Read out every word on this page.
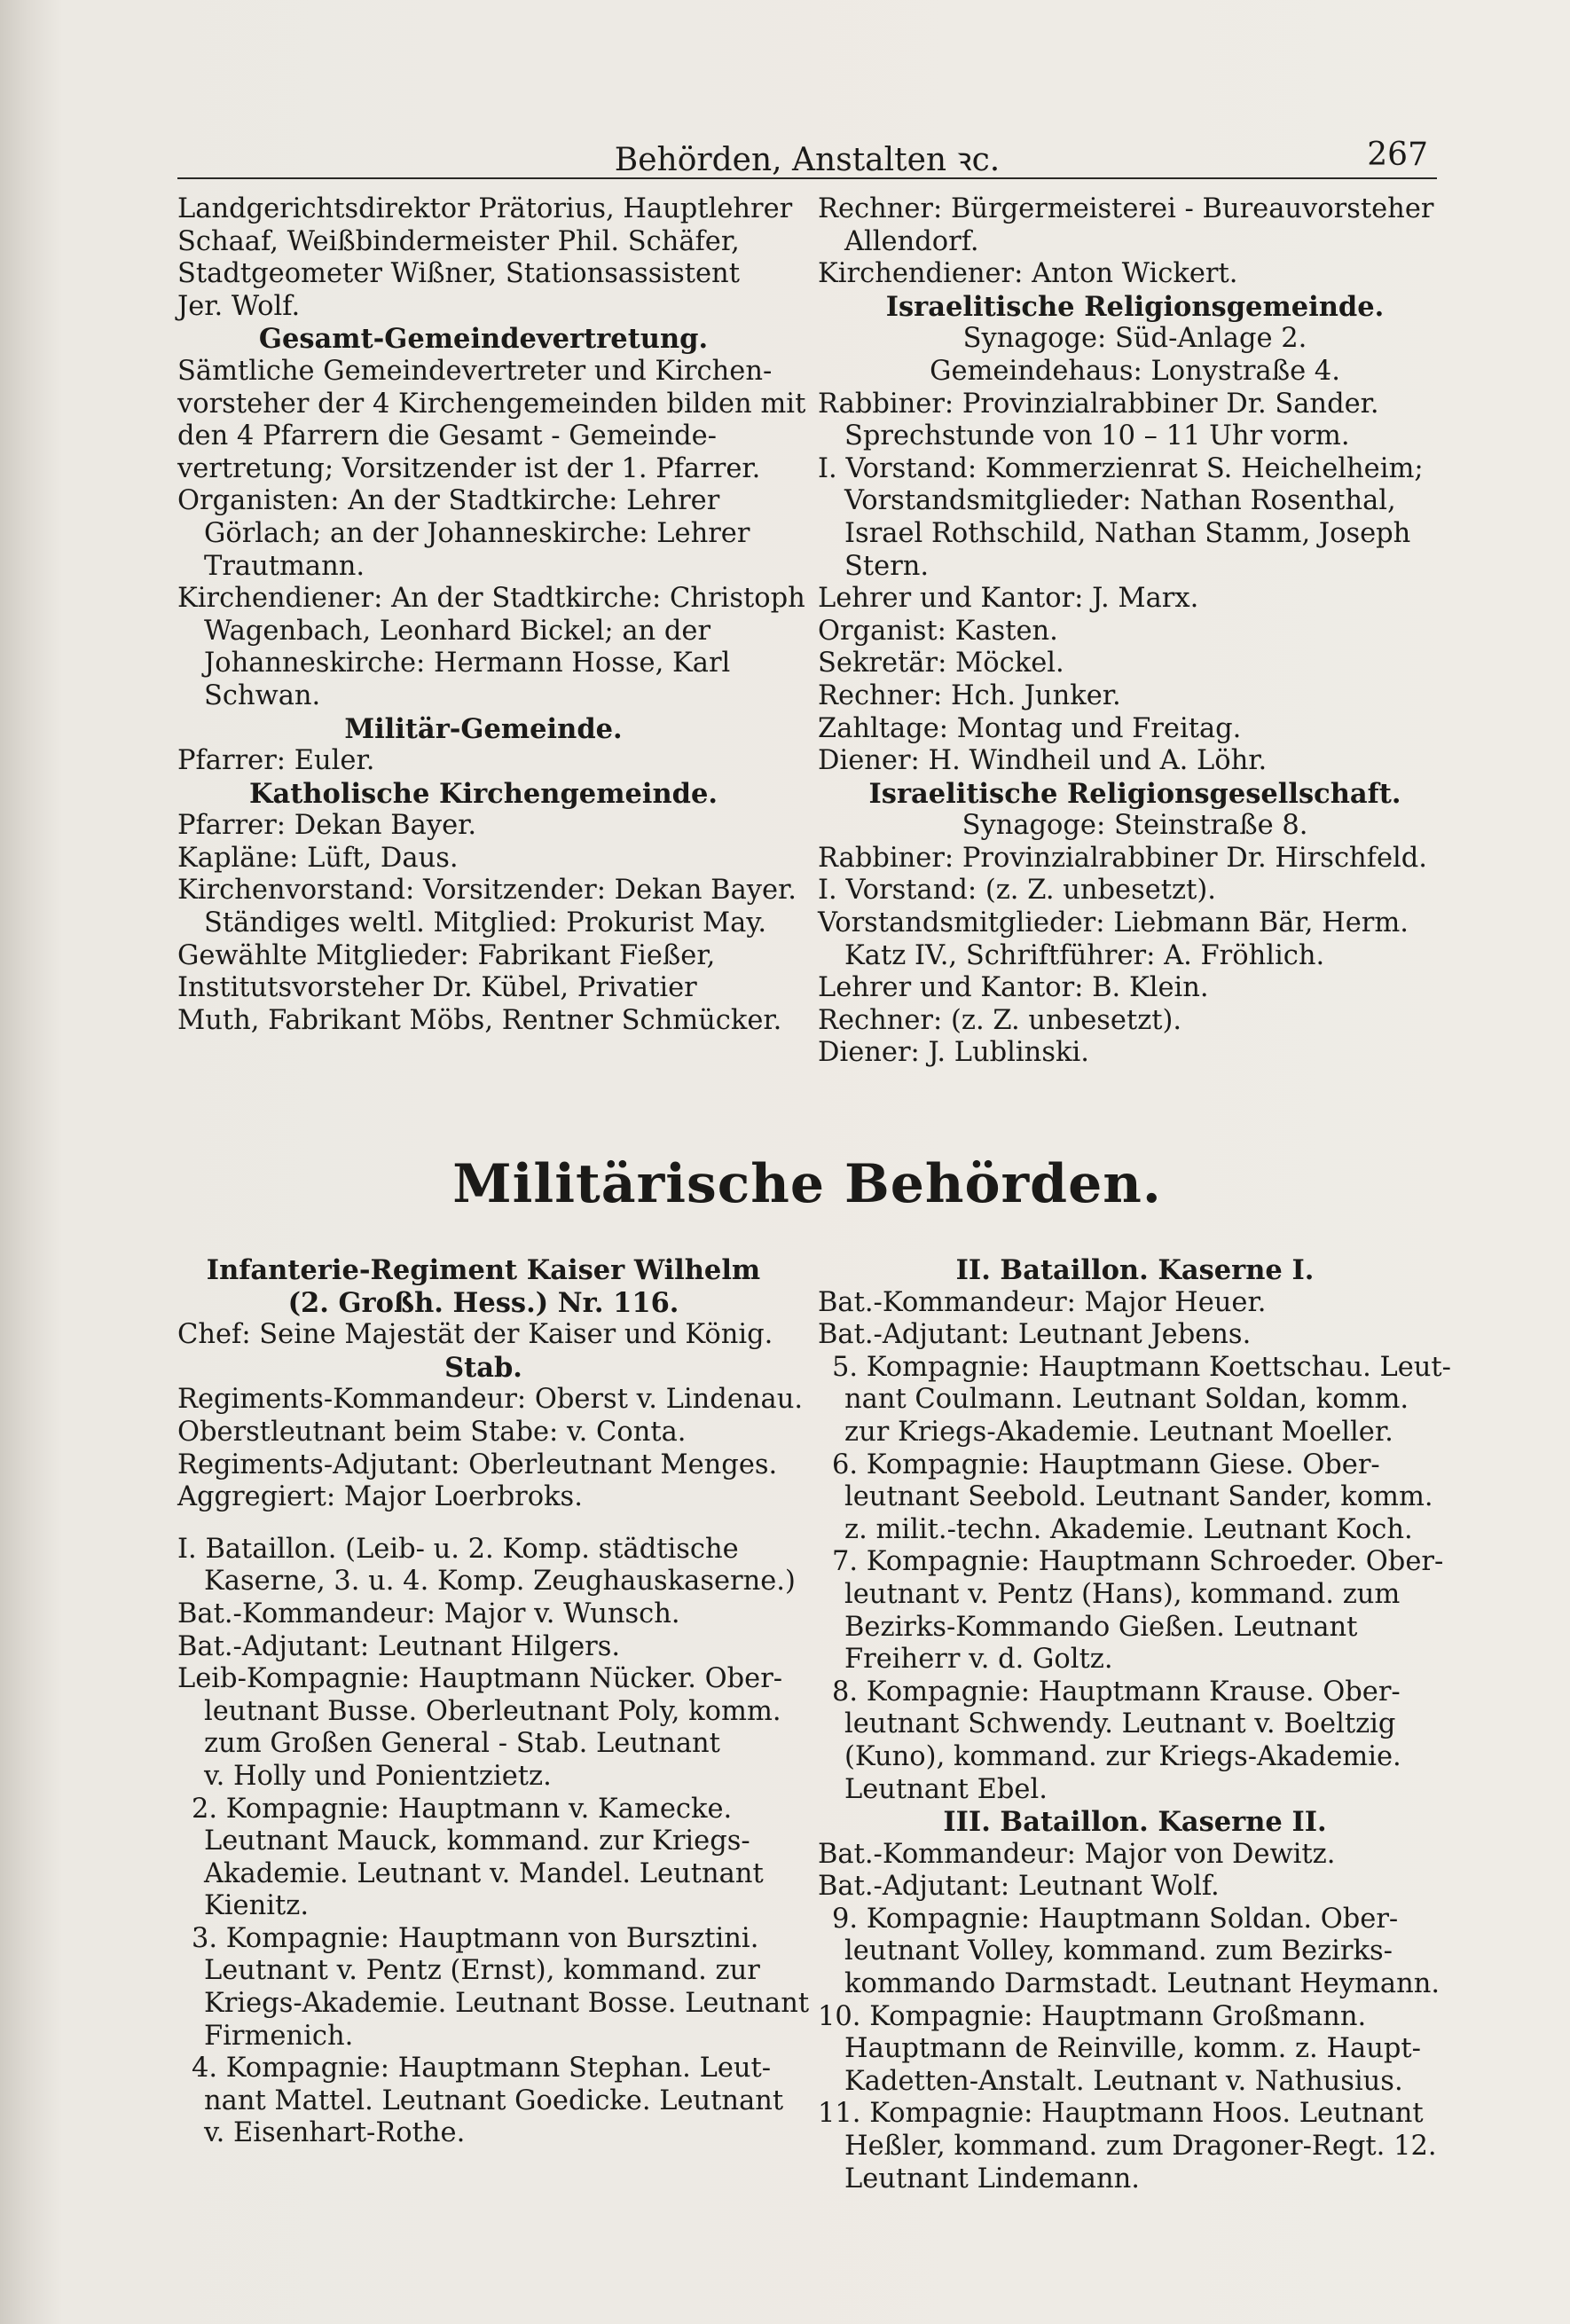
Behörden, Anstalten ꝛc.	267
Landgerichtsdirektor Prätorius, Hauptlehrer
Schaaf, Weißbindermeister Phil. Schäfer,
Stadtgeometer Wißner, Stationsassistent
Jer. Wolf.
Gesamt-Gemeindevertretung.
Sämtliche Gemeindevertreter und Kirchen-
vorsteher der 4 Kirchengemeinden bilden mit
den 4 Pfarrern die Gesamt - Gemeinde-
vertretung; Vorsitzender ist der 1. Pfarrer.
Organisten: An der Stadtkirche: Lehrer
Görlach; an der Johanneskirche: Lehrer
Trautmann.
Kirchendiener: An der Stadtkirche: Christoph
Wagenbach, Leonhard Bickel; an der
Johanneskirche: Hermann Hosse, Karl
Schwan.
Militär-Gemeinde.
Pfarrer: Euler.
Katholische Kirchengemeinde.
Pfarrer: Dekan Bayer.
Kapläne: Lüft, Daus.
Kirchenvorstand: Vorsitzender: Dekan Bayer.
Ständiges weltl. Mitglied: Prokurist May.
Gewählte Mitglieder: Fabrikant Fießer,
Institutsvorsteher Dr. Kübel, Privatier
Muth, Fabrikant Möbs, Rentner Schmücker.
Rechner: Bürgermeisterei - Bureauvorsteher
Allendorf.
Kirchendiener: Anton Wickert.
Israelitische Religionsgemeinde.
Synagoge: Süd-Anlage 2.
Gemeindehaus: Lonystraße 4.
Rabbiner: Provinzialrabbiner Dr. Sander.
Sprechstunde von 10 – 11 Uhr vorm.
I. Vorstand: Kommerzienrat S. Heichelheim;
Vorstandsmitglieder: Nathan Rosenthal,
Israel Rothschild, Nathan Stamm, Joseph
Stern.
Lehrer und Kantor: J. Marx.
Organist: Kasten.
Sekretär: Möckel.
Rechner: Hch. Junker.
Zahltage: Montag und Freitag.
Diener: H. Windheil und A. Löhr.
Israelitische Religionsgesellschaft.
Synagoge: Steinstraße 8.
Rabbiner: Provinzialrabbiner Dr. Hirschfeld.
I. Vorstand: (z. Z. unbesetzt).
Vorstandsmitglieder: Liebmann Bär, Herm.
Katz IV., Schriftführer: A. Fröhlich.
Lehrer und Kantor: B. Klein.
Rechner: (z. Z. unbesetzt).
Diener: J. Lublinski.
Militärische Behörden.
Infanterie-Regiment Kaiser Wilhelm
(2. Großh. Hess.) Nr. 116.
Chef: Seine Majestät der Kaiser und König.
Stab.
Regiments-Kommandeur: Oberst v. Lindenau.
Oberstleutnant beim Stabe: v. Conta.
Regiments-Adjutant: Oberleutnant Menges.
Aggregiert: Major Loerbroks.
I. Bataillon. (Leib- u. 2. Komp. städtische
Kaserne, 3. u. 4. Komp. Zeughauskaserne.)
Bat.-Kommandeur: Major v. Wunsch.
Bat.-Adjutant: Leutnant Hilgers.
Leib-Kompagnie: Hauptmann Nücker. Ober-
leutnant Busse. Oberleutnant Poly, komm.
zum Großen General - Stab. Leutnant
v. Holly und Ponientzietz.
2. Kompagnie: Hauptmann v. Kamecke.
Leutnant Mauck, kommand. zur Kriegs-
Akademie. Leutnant v. Mandel. Leutnant
Kienitz.
3. Kompagnie: Hauptmann von Bursztini.
Leutnant v. Pentz (Ernst), kommand. zur
Kriegs-Akademie. Leutnant Bosse. Leutnant
Firmenich.
4. Kompagnie: Hauptmann Stephan. Leut-
nant Mattel. Leutnant Goedicke. Leutnant
v. Eisenhart-Rothe.
II. Bataillon. Kaserne I.
Bat.-Kommandeur: Major Heuer.
Bat.-Adjutant: Leutnant Jebens.
5. Kompagnie: Hauptmann Koettschau. Leut-
nant Coulmann. Leutnant Soldan, komm.
zur Kriegs-Akademie. Leutnant Moeller.
6. Kompagnie: Hauptmann Giese. Ober-
leutnant Seebold. Leutnant Sander, komm.
z. milit.-techn. Akademie. Leutnant Koch.
7. Kompagnie: Hauptmann Schroeder. Ober-
leutnant v. Pentz (Hans), kommand. zum
Bezirks-Kommando Gießen. Leutnant
Freiherr v. d. Goltz.
8. Kompagnie: Hauptmann Krause. Ober-
leutnant Schwendy. Leutnant v. Boeltzig
(Kuno), kommand. zur Kriegs-Akademie.
Leutnant Ebel.
III. Bataillon. Kaserne II.
Bat.-Kommandeur: Major von Dewitz.
Bat.-Adjutant: Leutnant Wolf.
9. Kompagnie: Hauptmann Soldan. Ober-
leutnant Volley, kommand. zum Bezirks-
kommando Darmstadt. Leutnant Heymann.
10. Kompagnie: Hauptmann Großmann.
Hauptmann de Reinville, komm. z. Haupt-
Kadetten-Anstalt. Leutnant v. Nathusius.
11. Kompagnie: Hauptmann Hoos. Leutnant
Heßler, kommand. zum Dragoner-Regt. 12.
Leutnant Lindemann.
